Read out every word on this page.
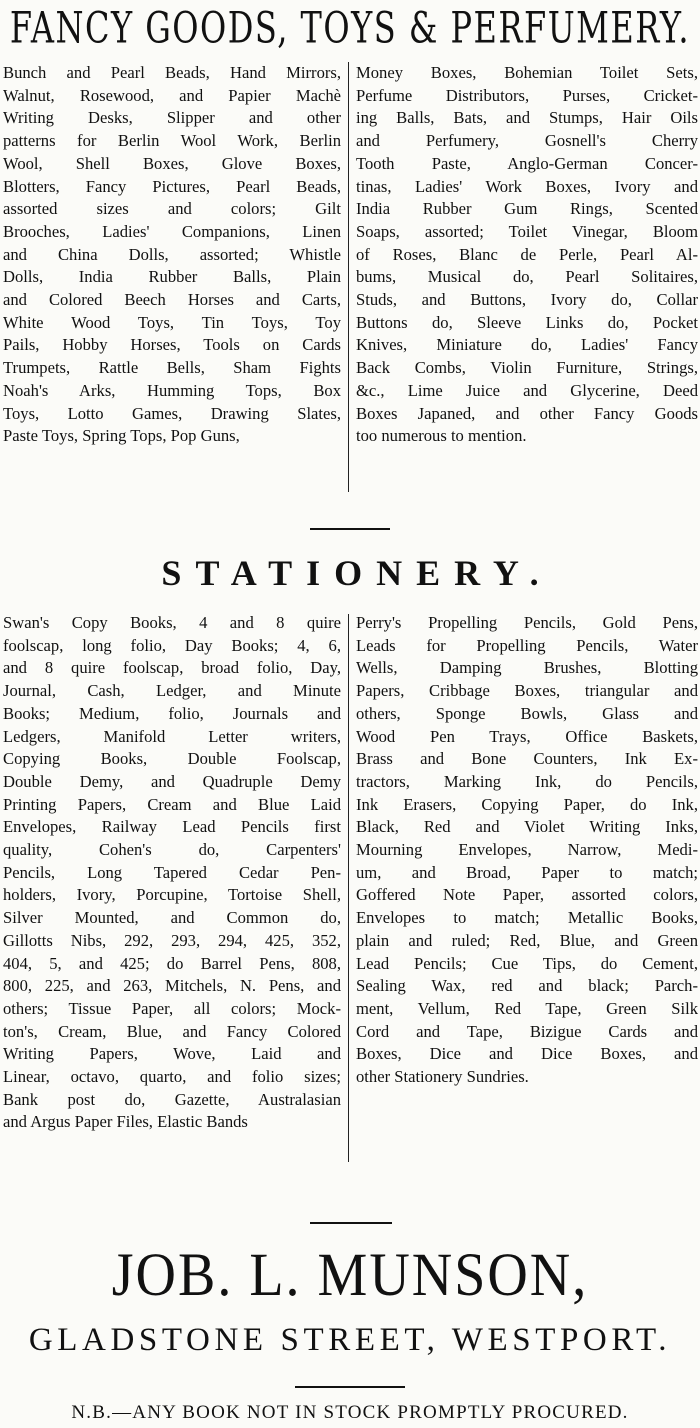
FANCY GOODS, TOYS & PERFUMERY.
Bunch and Pearl Beads, Hand Mirrors,
Walnut, Rosewood, and Papier Machè
Writing Desks, Slipper and other
patterns for Berlin Wool Work, Berlin
Wool, Shell Boxes, Glove Boxes,
Blotters, Fancy Pictures, Pearl Beads,
assorted sizes and colors; Gilt
Brooches, Ladies' Companions, Linen
and China Dolls, assorted; Whistle
Dolls, India Rubber Balls, Plain
and Colored Beech Horses and Carts,
White Wood Toys, Tin Toys, Toy
Pails, Hobby Horses, Tools on Cards
Trumpets, Rattle Bells, Sham Fights
Noah's Arks, Humming Tops, Box
Toys, Lotto Games, Drawing Slates,
Paste Toys, Spring Tops, Pop Guns,
Money Boxes, Bohemian Toilet Sets,
Perfume Distributors, Purses, Cricket-
ing Balls, Bats, and Stumps, Hair Oils
and Perfumery, Gosnell's Cherry
Tooth Paste, Anglo-German Concer-
tinas, Ladies' Work Boxes, Ivory and
India Rubber Gum Rings, Scented
Soaps, assorted; Toilet Vinegar, Bloom
of Roses, Blanc de Perle, Pearl Al-
bums, Musical do, Pearl Solitaires,
Studs, and Buttons, Ivory do, Collar
Buttons do, Sleeve Links do, Pocket
Knives, Miniature do, Ladies' Fancy
Back Combs, Violin Furniture, Strings,
&c., Lime Juice and Glycerine, Deed
Boxes Japaned, and other Fancy Goods
too numerous to mention.
STATIONERY.
Swan's Copy Books, 4 and 8 quire
foolscap, long folio, Day Books; 4, 6,
and 8 quire foolscap, broad folio, Day,
Journal, Cash, Ledger, and Minute
Books; Medium, folio, Journals and
Ledgers, Manifold Letter writers,
Copying Books, Double Foolscap,
Double Demy, and Quadruple Demy
Printing Papers, Cream and Blue Laid
Envelopes, Railway Lead Pencils first
quality, Cohen's do, Carpenters'
Pencils, Long Tapered Cedar Pen-
holders, Ivory, Porcupine, Tortoise Shell,
Silver Mounted, and Common do,
Gillotts Nibs, 292, 293, 294, 425, 352,
404, 5, and 425; do Barrel Pens, 808,
800, 225, and 263, Mitchels, N. Pens, and
others; Tissue Paper, all colors; Mock-
ton's, Cream, Blue, and Fancy Colored
Writing Papers, Wove, Laid and
Linear, octavo, quarto, and folio sizes;
Bank post do, Gazette, Australasian
and Argus Paper Files, Elastic Bands
Perry's Propelling Pencils, Gold Pens,
Leads for Propelling Pencils, Water
Wells, Damping Brushes, Blotting
Papers, Cribbage Boxes, triangular and
others, Sponge Bowls, Glass and
Wood Pen Trays, Office Baskets,
Brass and Bone Counters, Ink Ex-
tractors, Marking Ink, do Pencils,
Ink Erasers, Copying Paper, do Ink,
Black, Red and Violet Writing Inks,
Mourning Envelopes, Narrow, Medi-
um, and Broad, Paper to match;
Goffered Note Paper, assorted colors,
Envelopes to match; Metallic Books,
plain and ruled; Red, Blue, and Green
Lead Pencils; Cue Tips, do Cement,
Sealing Wax, red and black; Parch-
ment, Vellum, Red Tape, Green Silk
Cord and Tape, Bizigue Cards and
Boxes, Dice and Dice Boxes, and
other Stationery Sundries.
JOB. L. MUNSON,
GLADSTONE STREET, WESTPORT.
N.B.—ANY BOOK NOT IN STOCK PROMPTLY PROCURED.
